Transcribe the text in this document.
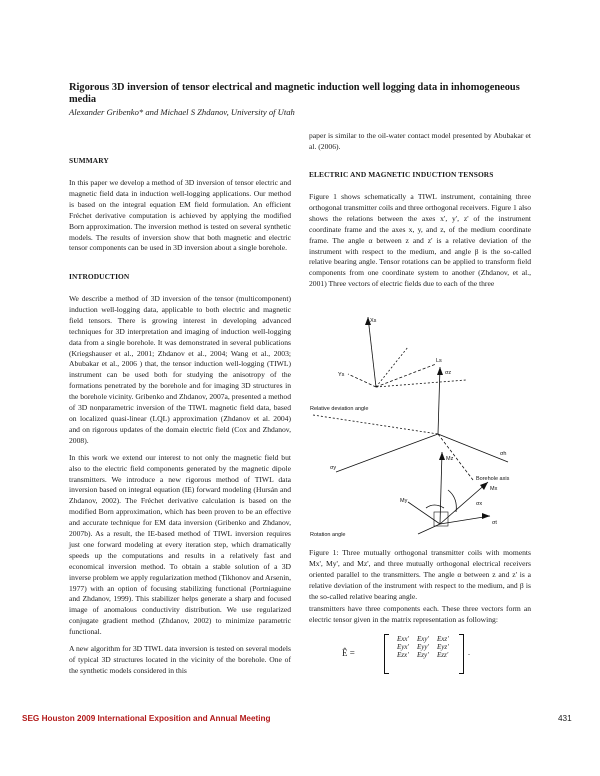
Rigorous 3D inversion of tensor electrical and magnetic induction well logging data in inhomogeneous media

Alexander Gribenko* and Michael S Zhdanov, University of Utah

SUMMARY

In this paper we develop a method of 3D inversion of tensor electric and magnetic field data in induction well-logging applications. Our method is based on the integral equation EM field formulation. An efficient Fréchet derivative computation is achieved by applying the modified Born approximation. The inversion method is tested on several synthetic models. The results of inversion show that both magnetic and electric tensor components can be used in 3D inversion about a single borehole.

INTRODUCTION

We describe a method of 3D inversion of the tensor (multicomponent) induction well-logging data, applicable to both electric and magnetic field tensors. There is growing interest in developing advanced techniques for 3D interpretation and imaging of induction well-logging data from a single borehole. It was demonstrated in several publications (Kriegshauser et al., 2001; Zhdanov et al., 2004; Wang et al., 2003; Abubakar et al., 2006 ) that, the tensor induction well-logging (TIWL) instrument can be used both for studying the anisotropy of the formations penetrated by the borehole and for imaging 3D structures in the borehole vicinity. Gribenko and Zhdanov, 2007a, presented a method of 3D nonparametric inversion of the TIWL magnetic field data, based on localized quasi-linear (LQL) approximation (Zhdanov et al. 2004) and on rigorous updates of the domain electric field (Cox and Zhdanov, 2008).

In this work we extend our interest to not only the magnetic field but also to the electric field components generated by the magnetic dipole transmitters. We introduce a new rigorous method of TIWL data inversion based on integral equation (IE) forward modeling (Hursán and Zhdanov, 2002). The Fréchet derivative calculation is based on the modified Born approximation, which has been proven to be an effective and accurate technique for EM data inversion (Gribenko and Zhdanov, 2007b). As a result, the IE-based method of TIWL inversion requires just one forward modeling at every iteration step, which dramatically speeds up the computations and results in a relatively fast and economical inversion method. To obtain a stable solution of a 3D inverse problem we apply regularization method (Tikhonov and Arsenin, 1977) with an option of focusing stabilizing functional (Portniaguine and Zhdanov, 1999). This stabilizer helps generate a sharp and focused image of anomalous conductivity distribution. We use regularized conjugate gradient method (Zhdanov, 2002) to minimize parametric functional.

A new algorithm for 3D TIWL data inversion is tested on several models of typical 3D structures located in the vicinity of the borehole. One of the synthetic models considered in this

paper is similar to the oil-water contact model presented by Abubakar et al. (2006).

ELECTRIC AND MAGNETIC INDUCTION TENSORS

Figure 1 shows schematically a TIWL instrument, containing three orthogonal transmitter coils and three orthogonal receivers. Figure 1 also shows the relations between the axes x', y', z' of the instrument coordinate frame and the axes x, y, and z, of the medium coordinate frame. The angle α between z and z' is a relative deviation of the instrument with respect to the medium, and angle β is the so-called relative bearing angle. Tensor rotations can be applied to transform field components from one coordinate system to another (Zhdanov, et al., 2001) Three vectors of electric fields due to each of the three

Xs
Ys
Ls
Relative deviation angle
σz
σy
σh
Borehole axis
Mz
My
Mx
σt
σx
Rotation angle

Figure 1: Three mutually orthogonal transmitter coils with moments Mx', My', and Mz', and three mutually orthogonal electrical receivers oriented parallel to the transmitters. The angle α between z and z' is a relative deviation of the instrument with respect to the medium, and β is the so-called relative bearing angle.

transmitters have three components each. These three vectors form an electric tensor given in the matrix representation as following:

Ê =
Exx'	Exy'	Exz'
Eyx'	Eyy'	Eyz'
Ezx'	Ezy'	Ezz' .
SEG Houston 2009 International Exposition and Annual Meeting	431
